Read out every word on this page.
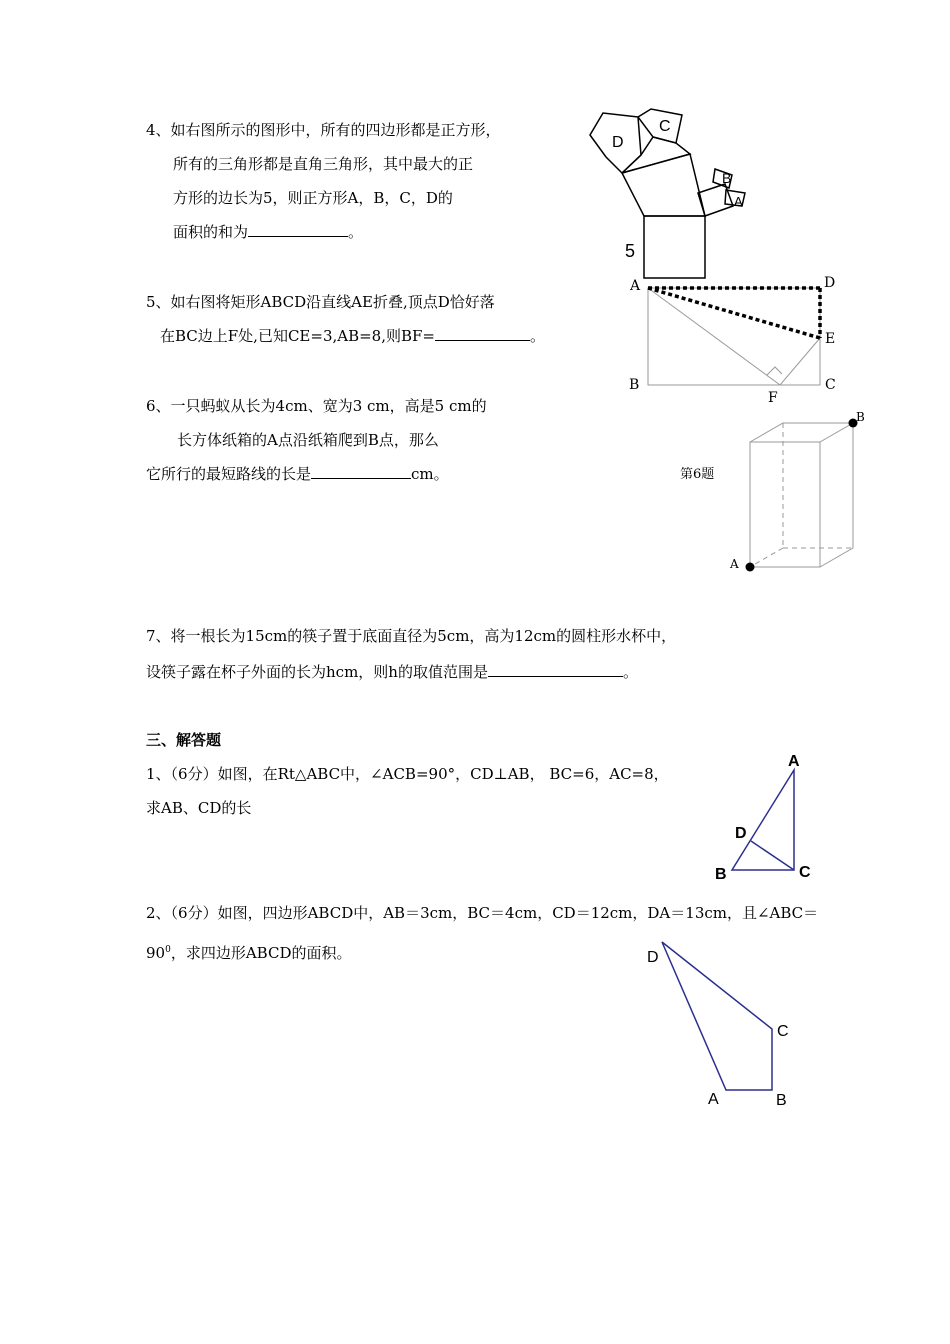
4、如右图所示的图形中，所有的四边形都是正方形，
所有的三角形都是直角三角形，其中最大的正
方形的边长为5，则正方形A，B，C，D的
面积的和为	。
D
C
B
A
5
5、如右图将矩形ABCD沿直线AE折叠,顶点D恰好落
在BC边上F处,已知CE=3,AB=8,则BF=	。
A	D
E
B
F
C
6、一只蚂蚁从长为4cm、宽为3 cm，高是5 cm的
长方体纸箱的A点沿纸箱爬到B点，那么
它所行的最短路线的长是	cm。	第6题
A
B
7、将一根长为15cm的筷子置于底面直径为5cm，高为12cm的圆柱形水杯中，
设筷子露在杯子外面的长为hcm，则h的取值范围是	。
三、解答题
1、（6分）如图，在Rt△ABC中，∠ACB=90°，CD⊥AB， BC=6，AC=8，
求AB、CD的长
A
D
B	C
2、（6分）如图，四边形ABCD中，AB＝3cm，BC＝4cm，CD＝12cm，DA＝13cm，且∠ABC＝
$90^0$，求四边形ABCD的面积。	D
C
A	B
